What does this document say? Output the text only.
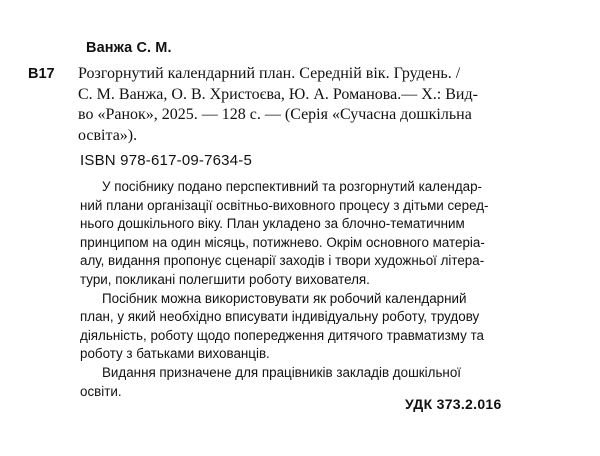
Ванжа С. М.
В17 Розгорнутий календарний план. Середній вік. Грудень. /
С. М. Ванжа, О. В. Христоєва, Ю. А. Романова.— Х.: Вид-
во «Ранок», 2025. — 128 с. — (Серія «Сучасна дошкільна
освіта»).
ISBN 978-617-09-7634-5
У посібнику подано перспективний та розгорнутий календар-
ний плани організації освітньо-виховного процесу з дітьми серед-
нього дошкільного віку. План укладено за блочно-тематичним
принципом на один місяць, потижнево. Окрім основного матеріа-
алу, видання пропонує сценарії заходів і твори художньої літера-
тури, покликані полегшити роботу вихователя.
Посібник можна використовувати як робочий календарний
план, у який необхідно вписувати індивідуальну роботу, трудову
діяльність, роботу щодо попередження дитячого травматизму та
роботу з батьками вихованців.
Видання призначене для працівників закладів дошкільної
освіти.
УДК 373.2.016
